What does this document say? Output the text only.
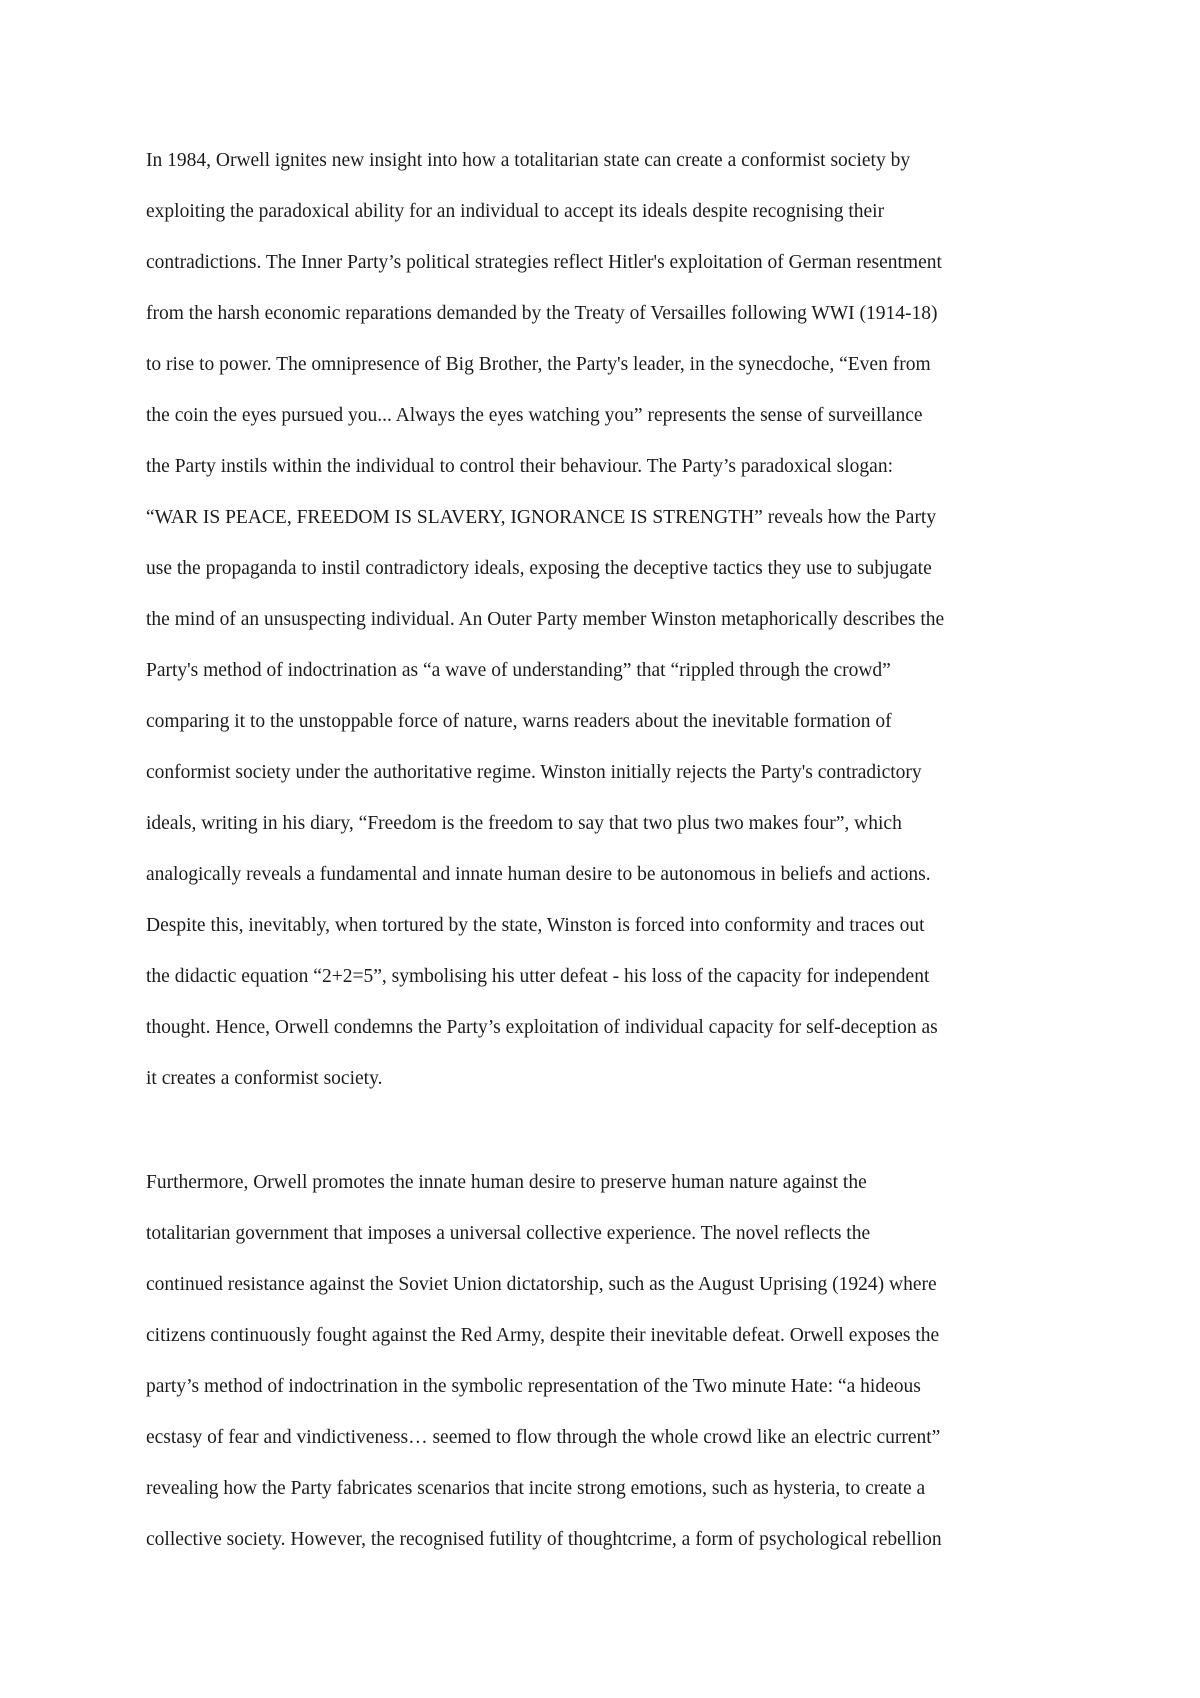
In 1984, Orwell ignites new insight into how a totalitarian state can create a conformist society by
exploiting the paradoxical ability for an individual to accept its ideals despite recognising their
contradictions. The Inner Party’s political strategies reflect Hitler's exploitation of German resentment
from the harsh economic reparations demanded by the Treaty of Versailles following WWI (1914-18)
to rise to power. The omnipresence of Big Brother, the Party's leader, in the synecdoche, “Even from
the coin the eyes pursued you... Always the eyes watching you” represents the sense of surveillance
the Party instils within the individual to control their behaviour. The Party’s paradoxical slogan:
“WAR IS PEACE, FREEDOM IS SLAVERY, IGNORANCE IS STRENGTH” reveals how the Party
use the propaganda to instil contradictory ideals, exposing the deceptive tactics they use to subjugate
the mind of an unsuspecting individual. An Outer Party member Winston metaphorically describes the
Party's method of indoctrination as “a wave of understanding” that “rippled through the crowd”
comparing it to the unstoppable force of nature, warns readers about the inevitable formation of
conformist society under the authoritative regime. Winston initially rejects the Party's contradictory
ideals, writing in his diary, “Freedom is the freedom to say that two plus two makes four”, which
analogically reveals a fundamental and innate human desire to be autonomous in beliefs and actions.
Despite this, inevitably, when tortured by the state, Winston is forced into conformity and traces out
the didactic equation “2+2=5”, symbolising his utter defeat - his loss of the capacity for independent
thought. Hence, Orwell condemns the Party’s exploitation of individual capacity for self-deception as
it creates a conformist society.
Furthermore, Orwell promotes the innate human desire to preserve human nature against the
totalitarian government that imposes a universal collective experience. The novel reflects the
continued resistance against the Soviet Union dictatorship, such as the August Uprising (1924) where
citizens continuously fought against the Red Army, despite their inevitable defeat. Orwell exposes the
party’s method of indoctrination in the symbolic representation of the Two minute Hate: “a hideous
ecstasy of fear and vindictiveness… seemed to flow through the whole crowd like an electric current”
revealing how the Party fabricates scenarios that incite strong emotions, such as hysteria, to create a
collective society. However, the recognised futility of thoughtcrime, a form of psychological rebellion
